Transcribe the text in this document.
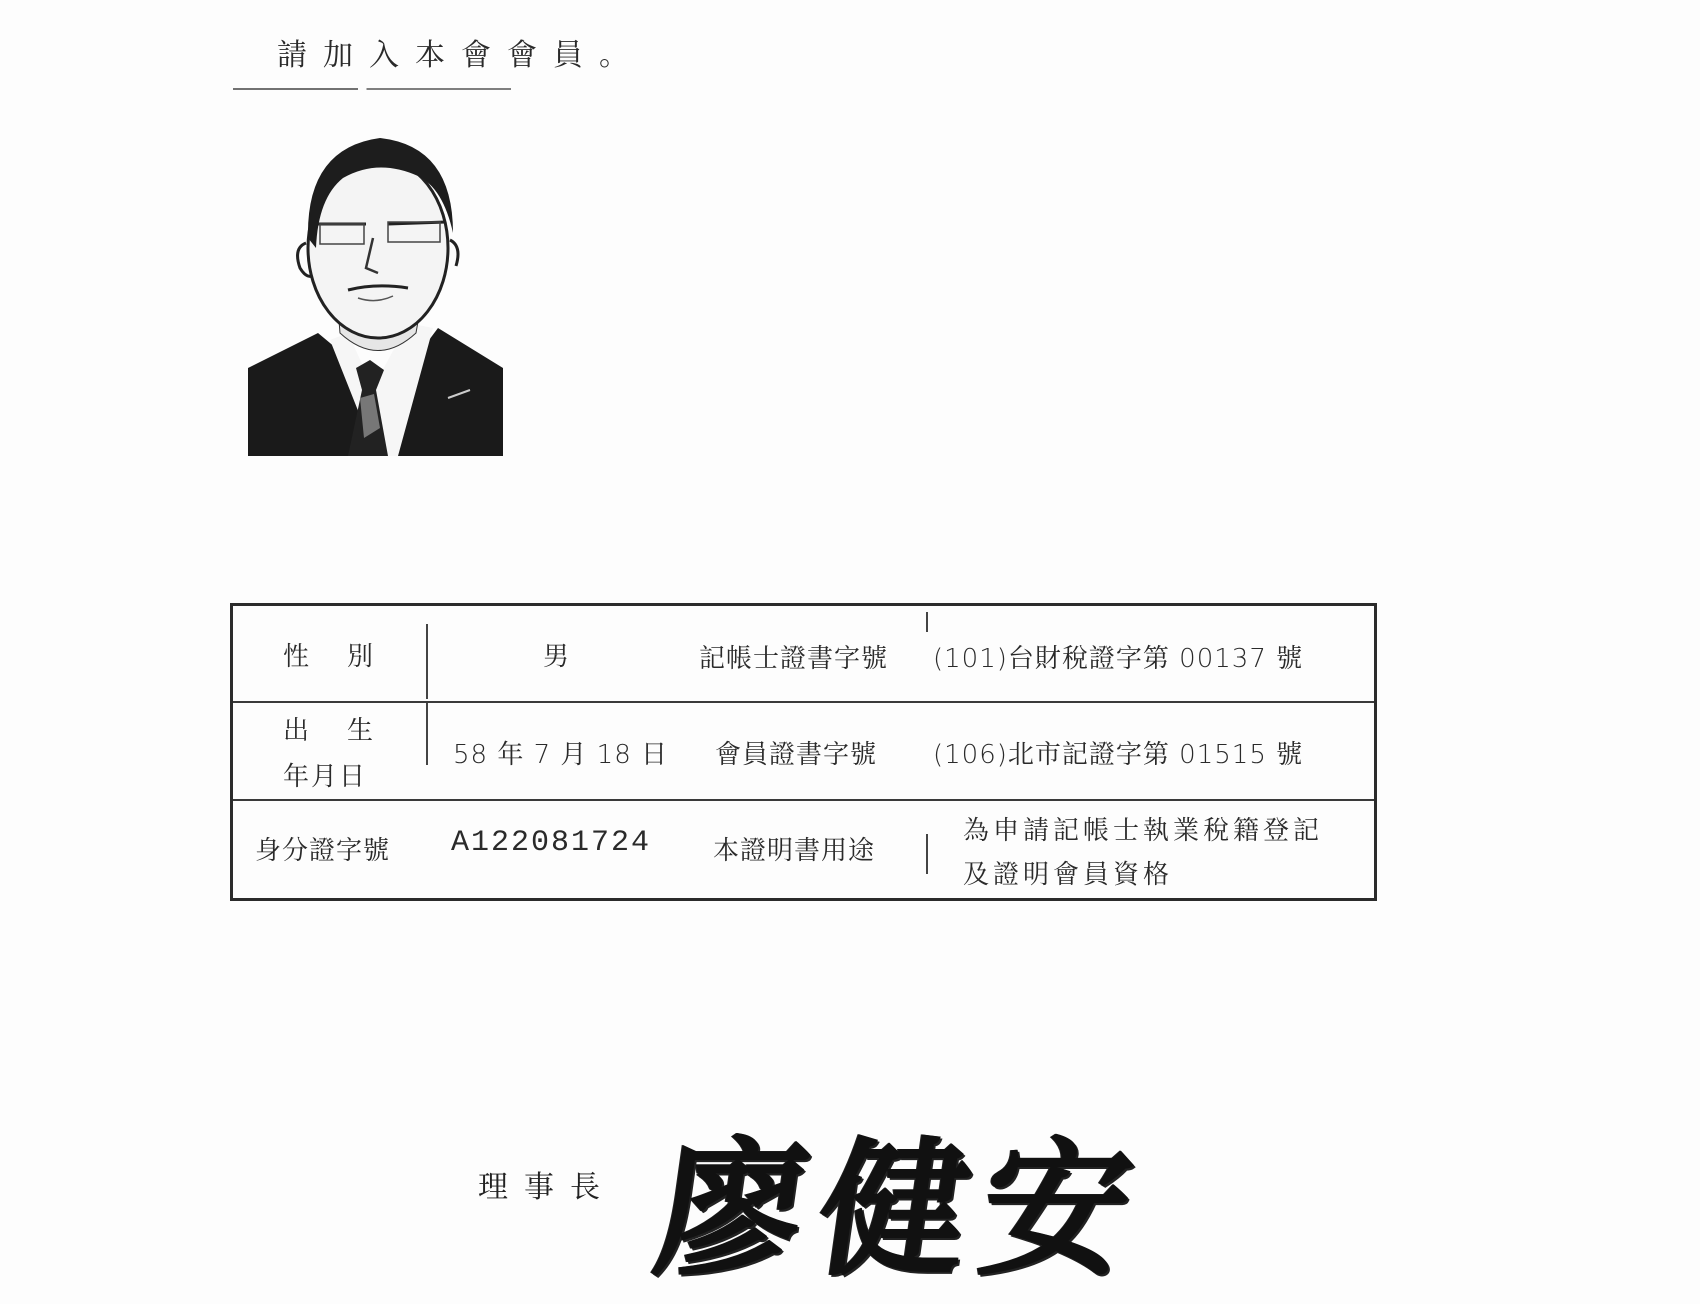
請加入本會會員。
性　別	男	記帳士證書字號 (101)台財稅證字第 00137 號
出　生
年月日
58 年 7 月 18 日 會員證書字號 (106)北市記證字第 01515 號
身分證字號 A122081724 本證明書用途
為申請記帳士執業稅籍登記
及證明會員資格
理事長 廖健安
